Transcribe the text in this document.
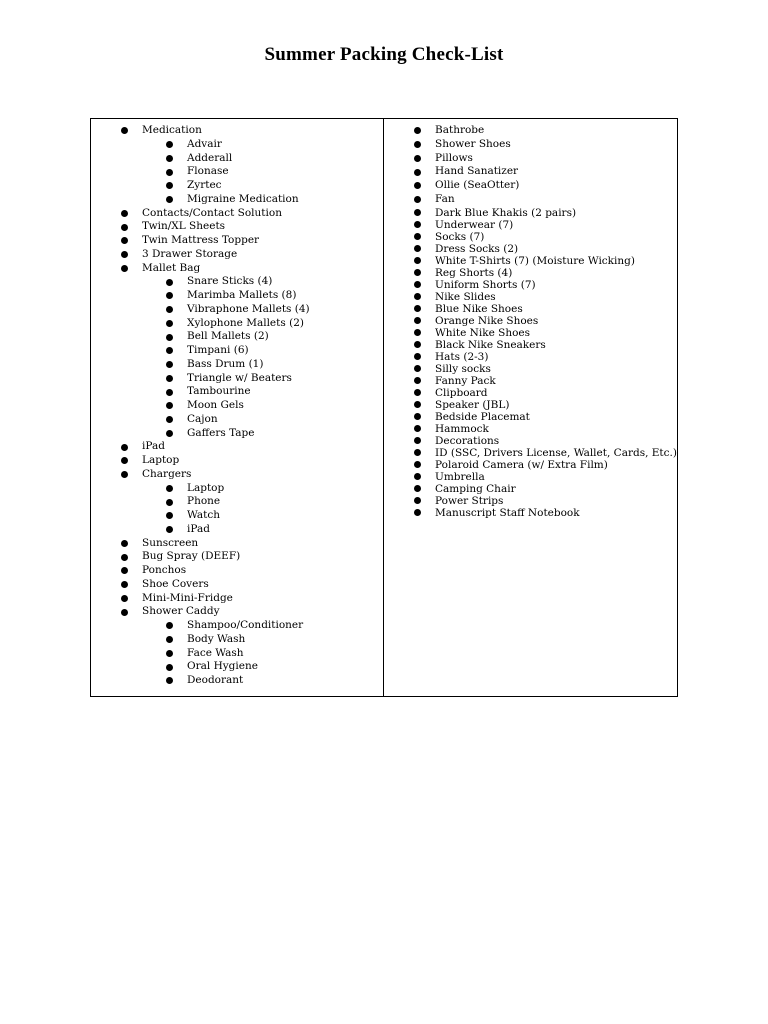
Summer Packing Check-List
Medication
Advair
Adderall
Flonase
Zyrtec
Migraine Medication
Contacts/Contact Solution
Twin/XL Sheets
Twin Mattress Topper
3 Drawer Storage
Mallet Bag
Snare Sticks (4)
Marimba Mallets (8)
Vibraphone Mallets (4)
Xylophone Mallets (2)
Bell Mallets (2)
Timpani (6)
Bass Drum (1)
Triangle w/ Beaters
Tambourine
Moon Gels
Cajon
Gaffers Tape
iPad
Laptop
Chargers
Laptop
Phone
Watch
iPad
Sunscreen
Bug Spray (DEEF)
Ponchos
Shoe Covers
Mini-Mini-Fridge
Shower Caddy
Shampoo/Conditioner
Body Wash
Face Wash
Oral Hygiene
Deodorant
Bathrobe
Shower Shoes
Pillows
Hand Sanatizer
Ollie (SeaOtter)
Fan
Dark Blue Khakis (2 pairs)
Underwear (7)
Socks (7)
Dress Socks (2)
White T-Shirts (7) (Moisture Wicking)
Reg Shorts (4)
Uniform Shorts (7)
Nike Slides
Blue Nike Shoes
Orange Nike Shoes
White Nike Shoes
Black Nike Sneakers
Hats (2-3)
Silly socks
Fanny Pack
Clipboard
Speaker (JBL)
Bedside Placemat
Hammock
Decorations
ID (SSC, Drivers License, Wallet, Cards, Etc.)
Polaroid Camera (w/ Extra Film)
Umbrella
Camping Chair
Power Strips
Manuscript Staff Notebook
